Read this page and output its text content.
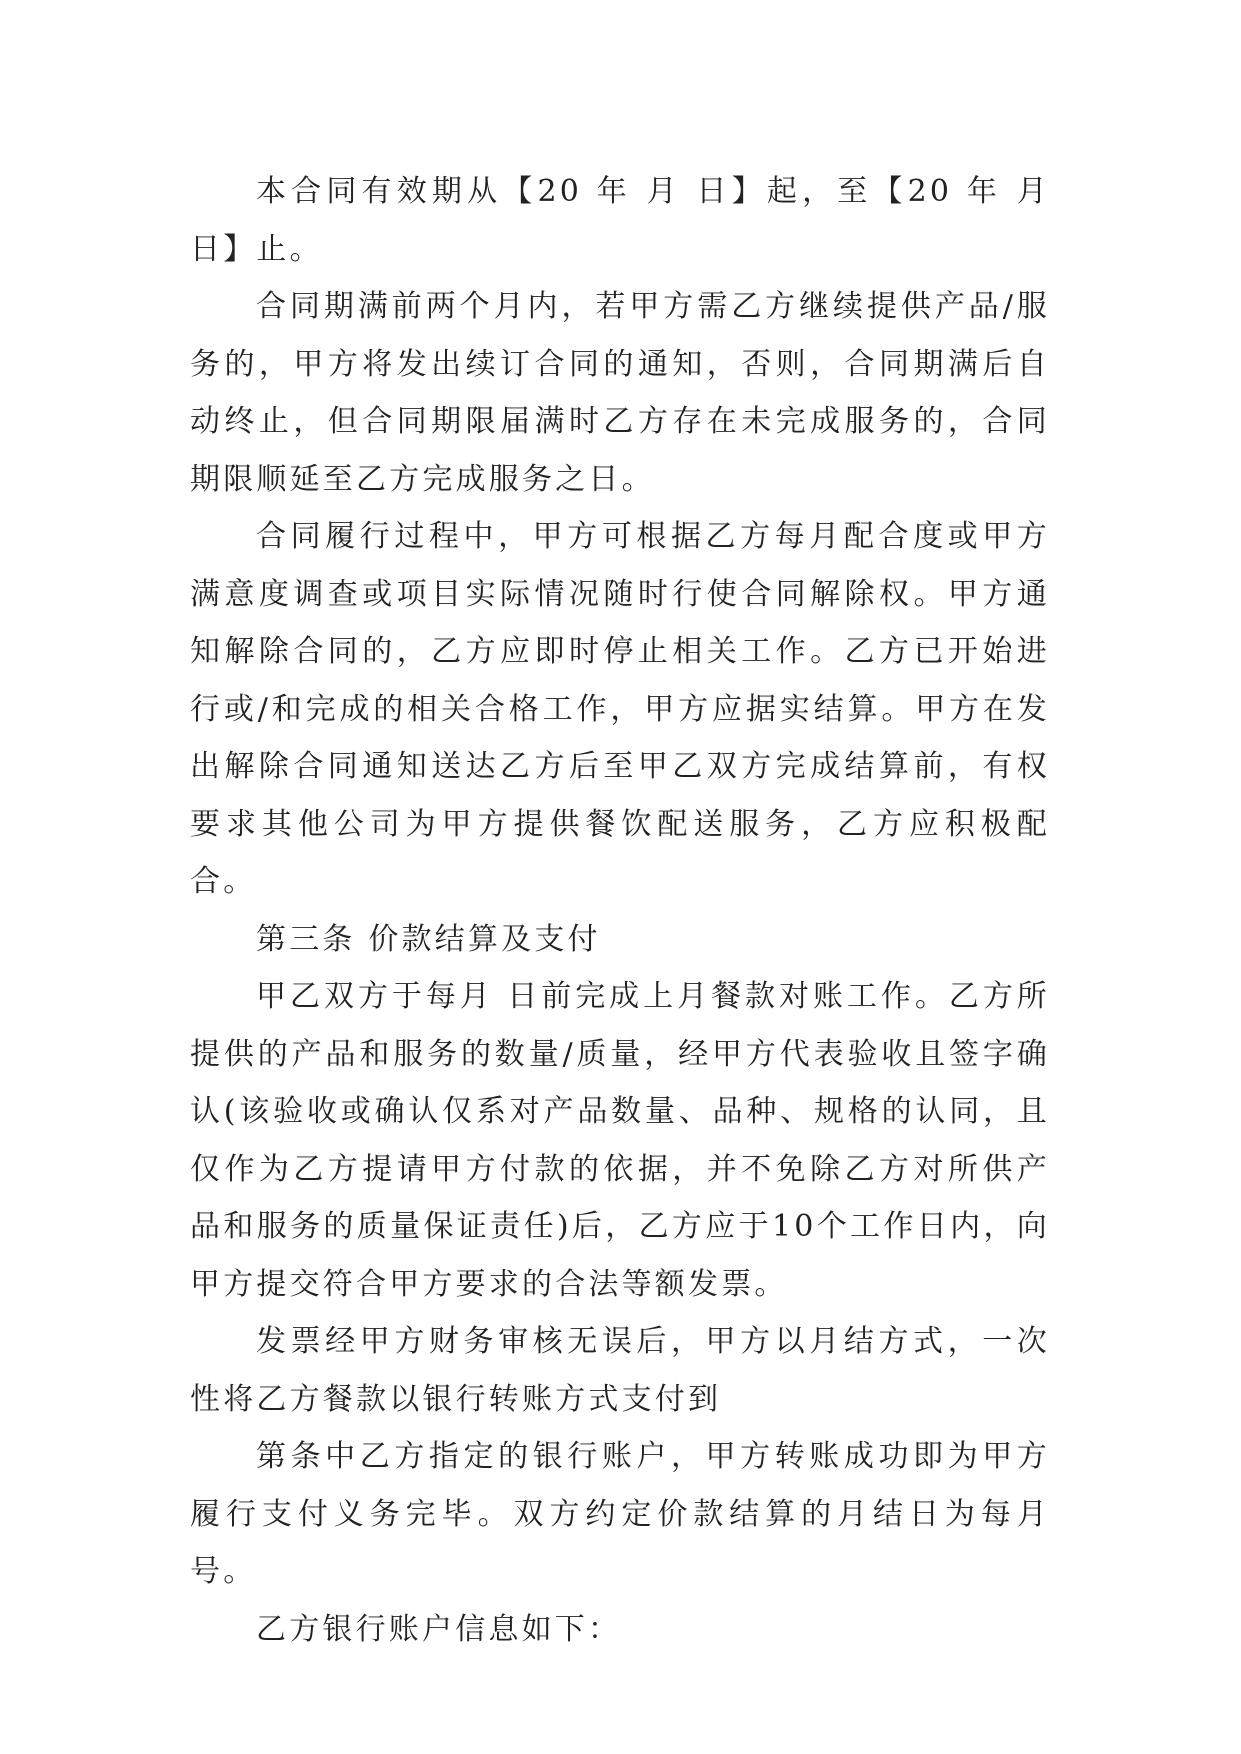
本合同有效期从【20 年 月 日】起，至【20 年 月 日】止。

合同期满前两个月内，若甲方需乙方继续提供产品/服务的，甲方将发出续订合同的通知，否则，合同期满后自动终止，但合同期限届满时乙方存在未完成服务的，合同期限顺延至乙方完成服务之日。

合同履行过程中，甲方可根据乙方每月配合度或甲方满意度调查或项目实际情况随时行使合同解除权。甲方通知解除合同的，乙方应即时停止相关工作。乙方已开始进行或/和完成的相关合格工作，甲方应据实结算。甲方在发出解除合同通知送达乙方后至甲乙双方完成结算前，有权要求其他公司为甲方提供餐饮配送服务，乙方应积极配合。

第三条 价款结算及支付

甲乙双方于每月 日前完成上月餐款对账工作。乙方所提供的产品和服务的数量/质量，经甲方代表验收且签字确认(该验收或确认仅系对产品数量、品种、规格的认同，且仅作为乙方提请甲方付款的依据，并不免除乙方对所供产品和服务的质量保证责任)后，乙方应于10个工作日内，向甲方提交符合甲方要求的合法等额发票。

发票经甲方财务审核无误后，甲方以月结方式，一次性将乙方餐款以银行转账方式支付到

第条中乙方指定的银行账户，甲方转账成功即为甲方履行支付义务完毕。双方约定价款结算的月结日为每月号。

乙方银行账户信息如下：
